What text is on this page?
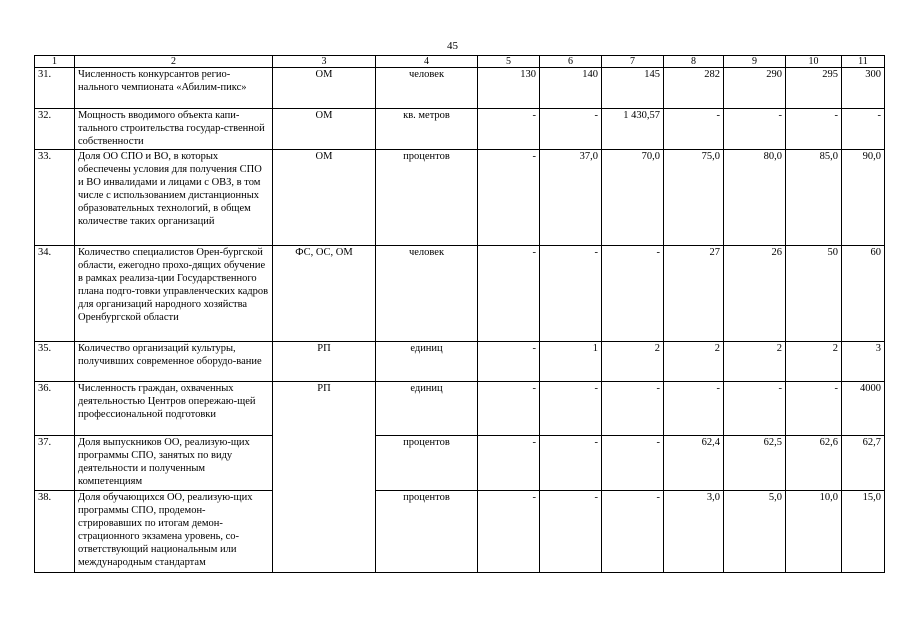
45
1	2	3	4	5	6	7	8	9	10	11
31.	Численность конкурсантов регио-нального чемпионата «Абилим-пикс»	ОМ	человек	130	140	145	282	290	295	300
32.	Мощность вводимого объекта капи-тального строительства государ-ственной собственности	ОМ	кв. метров	-	-	1 430,57	-	-	-	-
33.	Доля ОО СПО и ВО, в которых обеспечены условия для получения СПО и ВО инвалидами и лицами с ОВЗ, в том числе с использованием дистанционных образовательных технологий, в общем количестве таких организаций	ОМ	процентов	-	37,0	70,0	75,0	80,0	85,0	90,0
34.	Количество специалистов Орен-бургской области, ежегодно прохо-дящих обучение в рамках реализа-ции Государственного плана подго-товки управленческих кадров для организаций народного хозяйства Оренбургской области	ФС, ОС, ОМ	человек	-	-	-	27	26	50	60
35.	Количество организаций культуры, получивших современное оборудо-вание	РП	единиц	-	1	2	2	2	2	3
36.	Численность граждан, охваченных деятельностью Центров опережаю-щей профессиональной подготовки	РП	единиц	-	-	-	-	-	-	4000
37.	Доля выпускников ОО, реализую-щих программы СПО, занятых по виду деятельности и полученным компетенциям		процентов	-	-	-	62,4	62,5	62,6	62,7
38.	Доля обучающихся ОО, реализую-щих программы СПО, продемон-стрировавших по итогам демон-страционного экзамена уровень, со-ответствующий национальным или международным стандартам		процентов	-	-	-	3,0	5,0	10,0	15,0
